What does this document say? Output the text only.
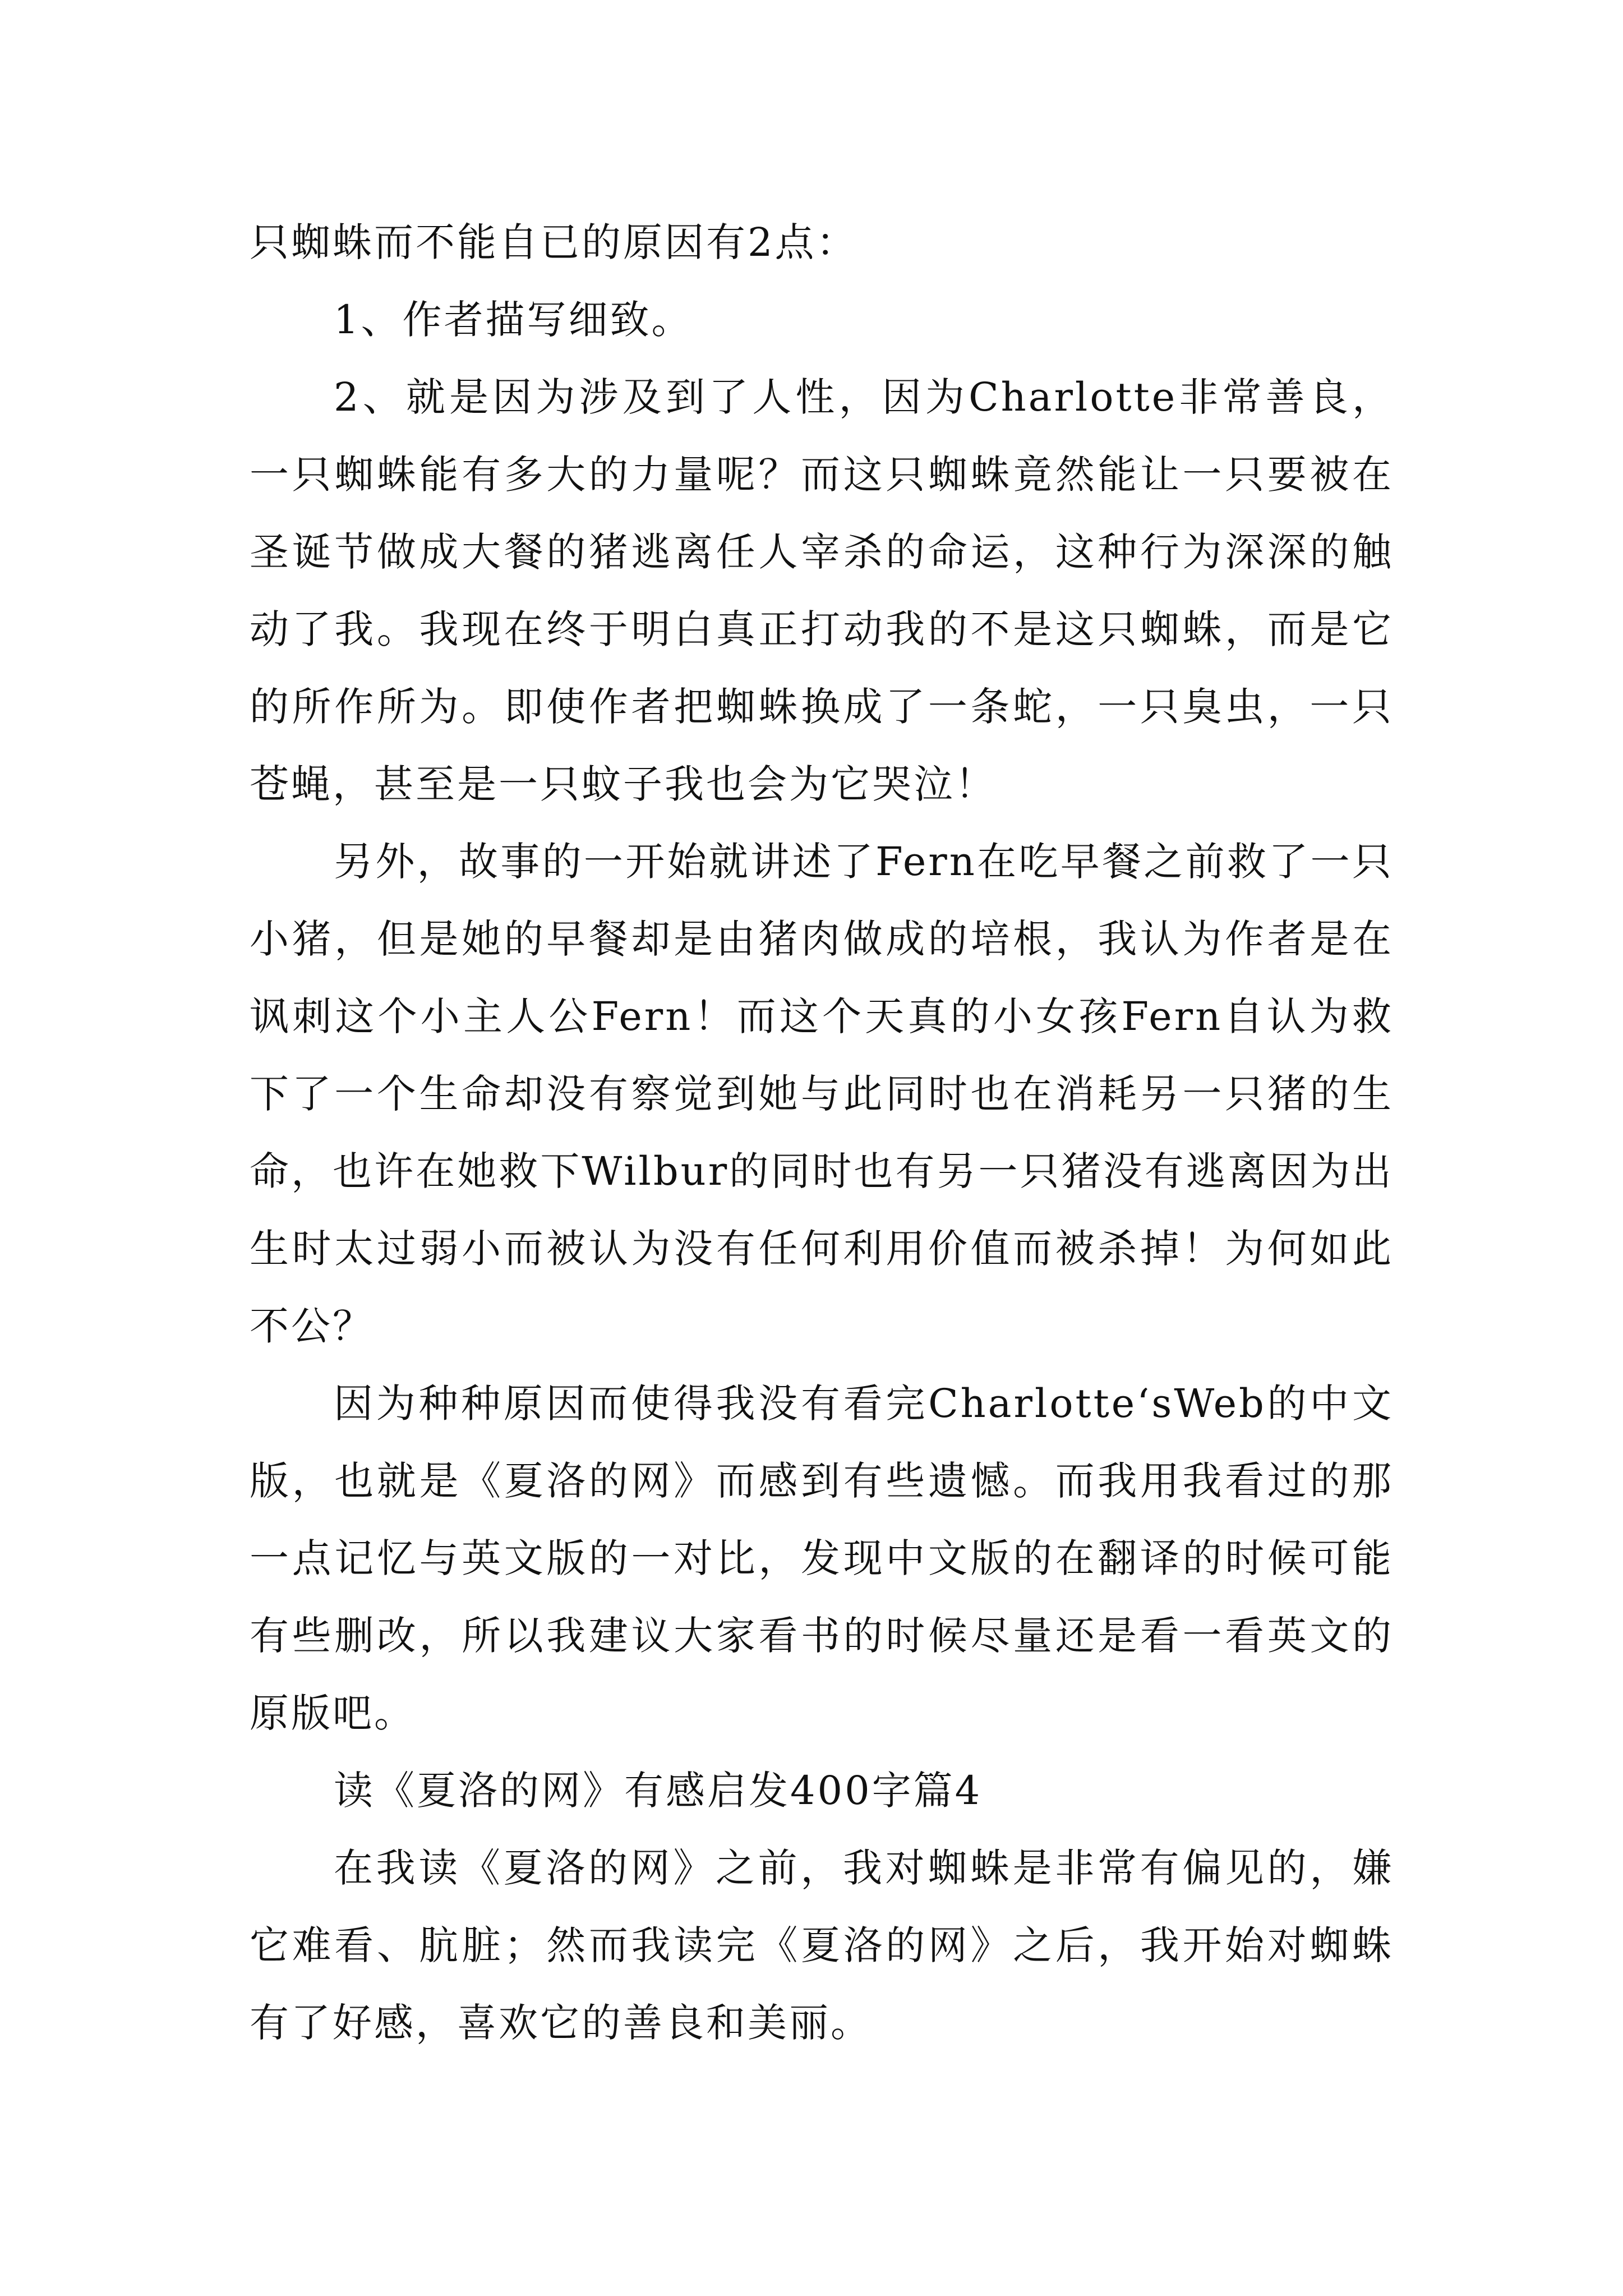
只蜘蛛而不能自已的原因有2点：

1、作者描写细致。

2、就是因为涉及到了人性，因为Charlotte非常善良，一只蜘蛛能有多大的力量呢？而这只蜘蛛竟然能让一只要被在圣诞节做成大餐的猪逃离任人宰杀的命运，这种行为深深的触动了我。我现在终于明白真正打动我的不是这只蜘蛛，而是它的所作所为。即使作者把蜘蛛换成了一条蛇，一只臭虫，一只苍蝇，甚至是一只蚊子我也会为它哭泣！

另外，故事的一开始就讲述了Fern在吃早餐之前救了一只小猪，但是她的早餐却是由猪肉做成的培根，我认为作者是在讽刺这个小主人公Fern！而这个天真的小女孩Fern自认为救下了一个生命却没有察觉到她与此同时也在消耗另一只猪的生命，也许在她救下Wilbur的同时也有另一只猪没有逃离因为出生时太过弱小而被认为没有任何利用价值而被杀掉！为何如此不公？

因为种种原因而使得我没有看完Charlotte‘sWeb的中文版，也就是《夏洛的网》而感到有些遗憾。而我用我看过的那一点记忆与英文版的一对比，发现中文版的在翻译的时候可能有些删改，所以我建议大家看书的时候尽量还是看一看英文的原版吧。

读《夏洛的网》有感启发400字篇4

在我读《夏洛的网》之前，我对蜘蛛是非常有偏见的，嫌它难看、肮脏；然而我读完《夏洛的网》之后，我开始对蜘蛛有了好感，喜欢它的善良和美丽。
